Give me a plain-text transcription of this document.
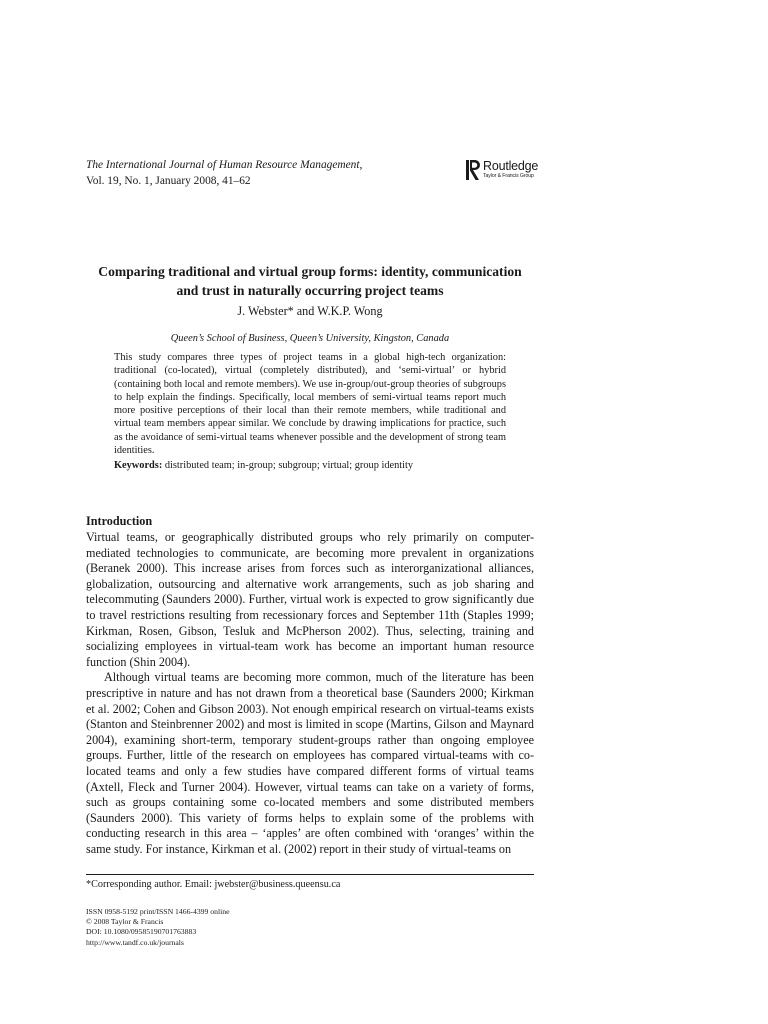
The International Journal of Human Resource Management,
Vol. 19, No. 1, January 2008, 41–62
Routledge
Taylor & Francis Group
Comparing traditional and virtual group forms: identity, communication and trust in naturally occurring project teams
J. Webster* and W.K.P. Wong
Queen’s School of Business, Queen’s University, Kingston, Canada

This study compares three types of project teams in a global high-tech organization: traditional (co-located), virtual (completely distributed), and ‘semi-virtual’ or hybrid (containing both local and remote members). We use in-group/out-group theories of subgroups to help explain the findings. Specifically, local members of semi-virtual teams report much more positive perceptions of their local than their remote members, while traditional and virtual team members appear similar. We conclude by drawing implications for practice, such as the avoidance of semi-virtual teams whenever possible and the development of strong team identities.

Keywords: distributed team; in-group; subgroup; virtual; group identity
Introduction

Virtual teams, or geographically distributed groups who rely primarily on computer-mediated technologies to communicate, are becoming more prevalent in organizations (Beranek 2000). This increase arises from forces such as interorganizational alliances, globalization, outsourcing and alternative work arrangements, such as job sharing and telecommuting (Saunders 2000). Further, virtual work is expected to grow significantly due to travel restrictions resulting from recessionary forces and September 11th (Staples 1999; Kirkman, Rosen, Gibson, Tesluk and McPherson 2002). Thus, selecting, training and socializing employees in virtual-team work has become an important human resource function (Shin 2004).

Although virtual teams are becoming more common, much of the literature has been prescriptive in nature and has not drawn from a theoretical base (Saunders 2000; Kirkman et al. 2002; Cohen and Gibson 2003). Not enough empirical research on virtual-teams exists (Stanton and Steinbrenner 2002) and most is limited in scope (Martins, Gilson and Maynard 2004), examining short-term, temporary student-groups rather than ongoing employee groups. Further, little of the research on employees has compared virtual-teams with co-located teams and only a few studies have compared different forms of virtual teams (Axtell, Fleck and Turner 2004). However, virtual teams can take on a variety of forms, such as groups containing some co-located members and some distributed members (Saunders 2000). This variety of forms helps to explain some of the problems with conducting research in this area – ‘apples’ are often combined with ‘oranges’ within the same study. For instance, Kirkman et al. (2002) report in their study of virtual-teams on

*Corresponding author. Email: jwebster@business.queensu.ca
ISSN 0958-5192 print/ISSN 1466-4399 online
© 2008 Taylor & Francis
DOI: 10.1080/09585190701763883
http://www.tandf.co.uk/journals
